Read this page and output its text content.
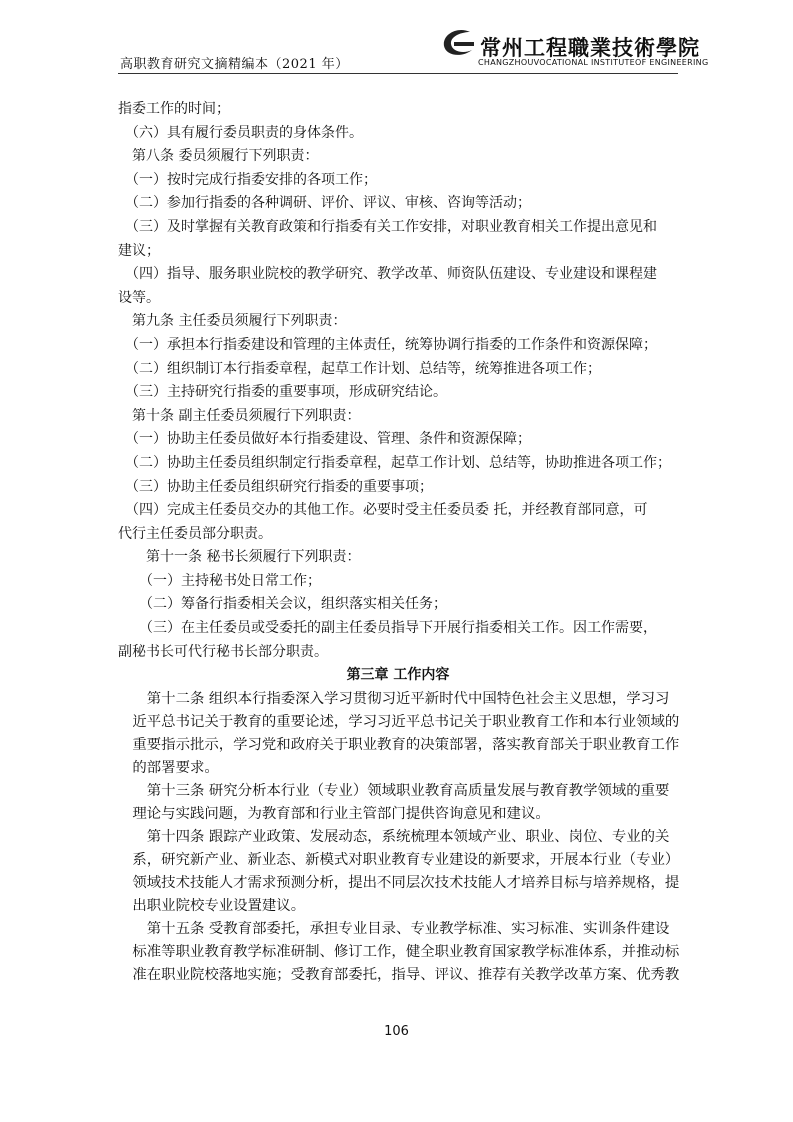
高职教育研究文摘精编本（2021 年）
常州工程職業技術學院
CHANGZHOUVOCATIONAL INSTITUTEOF ENGINEERING
指委工作的时间；
　（六）具有履行委员职责的身体条件。
　第八条 委员须履行下列职责：
　（一）按时完成行指委安排的各项工作；
　（二）参加行指委的各种调研、评价、评议、审核、咨询等活动；
　（三）及时掌握有关教育政策和行指委有关工作安排，对职业教育相关工作提出意见和
建议；
　（四）指导、服务职业院校的教学研究、教学改革、师资队伍建设、专业建设和课程建
设等。
　第九条 主任委员须履行下列职责：
　（一）承担本行指委建设和管理的主体责任，统筹协调行指委的工作条件和资源保障；
　（二）组织制订本行指委章程，起草工作计划、总结等，统筹推进各项工作；
　（三）主持研究行指委的重要事项，形成研究结论。
　第十条 副主任委员须履行下列职责：
　（一）协助主任委员做好本行指委建设、管理、条件和资源保障；
　（二）协助主任委员组织制定行指委章程，起草工作计划、总结等，协助推进各项工作；
　（三）协助主任委员组织研究行指委的重要事项；
　（四）完成主任委员交办的其他工作。必要时受主任委员委 托，并经教育部同意，可
代行主任委员部分职责。
　　第十一条 秘书长须履行下列职责：
　　（一）主持秘书处日常工作；
　　（二）筹备行指委相关会议，组织落实相关任务；
　　（三）在主任委员或受委托的副主任委员指导下开展行指委相关工作。因工作需要，
副秘书长可代行秘书长部分职责。
第三章 工作内容
　　第十二条 组织本行指委深入学习贯彻习近平新时代中国特色社会主义思想，学习习
　近平总书记关于教育的重要论述，学习习近平总书记关于职业教育工作和本行业领域的
　重要指示批示，学习党和政府关于职业教育的决策部署，落实教育部关于职业教育工作
　的部署要求。
　　第十三条 研究分析本行业（专业）领域职业教育高质量发展与教育教学领域的重要
　理论与实践问题，为教育部和行业主管部门提供咨询意见和建议。
　　第十四条 跟踪产业政策、发展动态，系统梳理本领域产业、职业、岗位、专业的关
　系，研究新产业、新业态、新模式对职业教育专业建设的新要求，开展本行业（专业）
　领域技术技能人才需求预测分析，提出不同层次技术技能人才培养目标与培养规格，提
　出职业院校专业设置建议。
　　第十五条 受教育部委托，承担专业目录、专业教学标准、实习标准、实训条件建设
　标准等职业教育教学标准研制、修订工作，健全职业教育国家教学标准体系，并推动标
　准在职业院校落地实施；受教育部委托，指导、评议、推荐有关教学改革方案、优秀教
106
